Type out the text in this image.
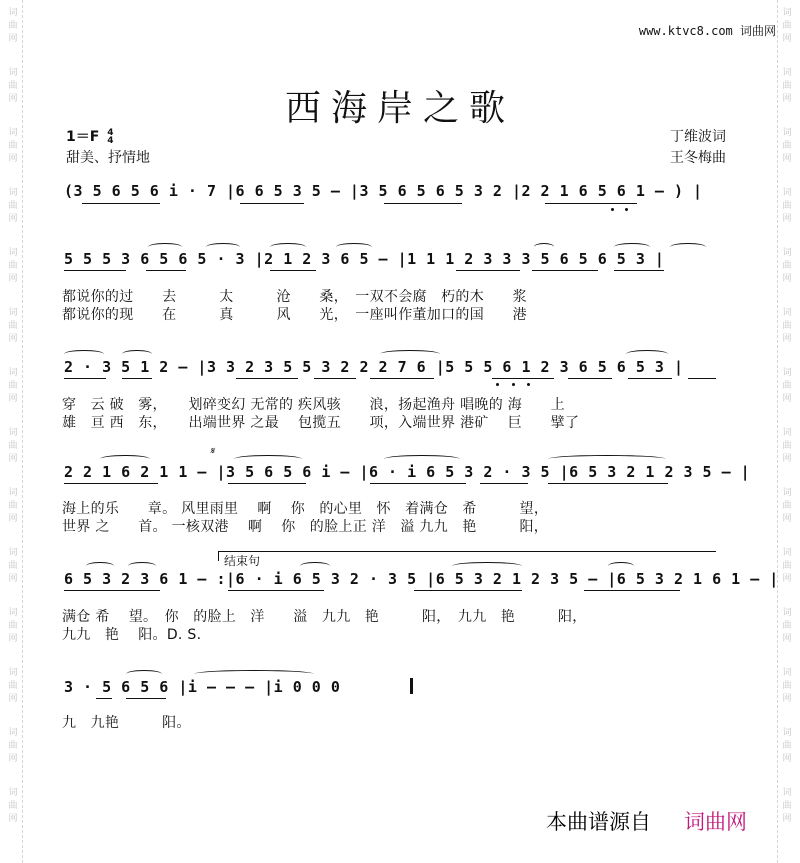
词
曲
网
词
曲
网
词
曲
网
词
曲
网
词
曲
网
词
曲
网
词
曲
网
词
曲
网
词
曲
网
词
曲
网
词
曲
网
词
曲
网
词
曲
网
词
曲
网
词
曲
网
词
曲
网
词
曲
网
词
曲
网
词
曲
网
词
曲
网
词
曲
网
词
曲
网
词
曲
网
词
曲
网
词
曲
网
词
曲
网
词
曲
网
词
曲
网
www.ktvc8.com 词曲网
西海岸之歌
1＝F 4
4
甜美、抒情地
丁维波词
王冬梅曲
(3 5 6 5 6 i · 7 |6 6 5 3 5 – |3 5 6 5 6 5 3 2 |2 2 1 6 5 6 1 – ) |
5 5 5 3 6 5 6 5 · 3 |2 1 2 3 6 5 – |1 1 1 2 3 3 3 5 6 5 6 5 3 |
都说你的过　　去　　　太　　　沧　　桑，　一双不会腐　朽的木　　浆
都说你的现　　在　　　真　　　风　　光，　一座叫作董加口的国　　港
2 · 3 5 1 2 – |3 3 2 3 5 5 3 2 2 2 7 6 |5 5 5 6 1 2 3 6 5 6 5 3 |
穿　云 破　雾，　　划碎变幻 无常的 疾风骇　　浪，扬起渔舟 唱晚的 海　　上
雄　亘 西　东，　　出端世界 之最　 包揽五　　项，入端世界 港矿　 巨　　擘了
𝄋
2 2 1 6 2 1 1 – |3 5 6 5 6 i – |6 · i 6 5 3 2 · 3 5 |6 5 3 2 1 2 3 5 – |
海上的乐　　章。 风里雨里　 啊　 你　的心里　怀　着满仓　希　　　望，
世界 之　　首。 一核双港　 啊　 你　的脸上正 洋　溢 九九　艳　　　阳，
结束句
6 5 3 2 3 6 1 – :|6 · i 6 5 3 2 · 3 5 |6 5 3 2 1 2 3 5 – |6 5 3 2 1 6 1 – |
满仓 希　 望。　你　的脸上　洋　　溢　九九　艳　　　阳，　九九　艳　　　阳，
九九　艳　 阳。D. S.
3 · 5 6 5 6 |i – – – |i 0 0 0
九　九艳　　　阳。
本曲谱源自 词曲网
